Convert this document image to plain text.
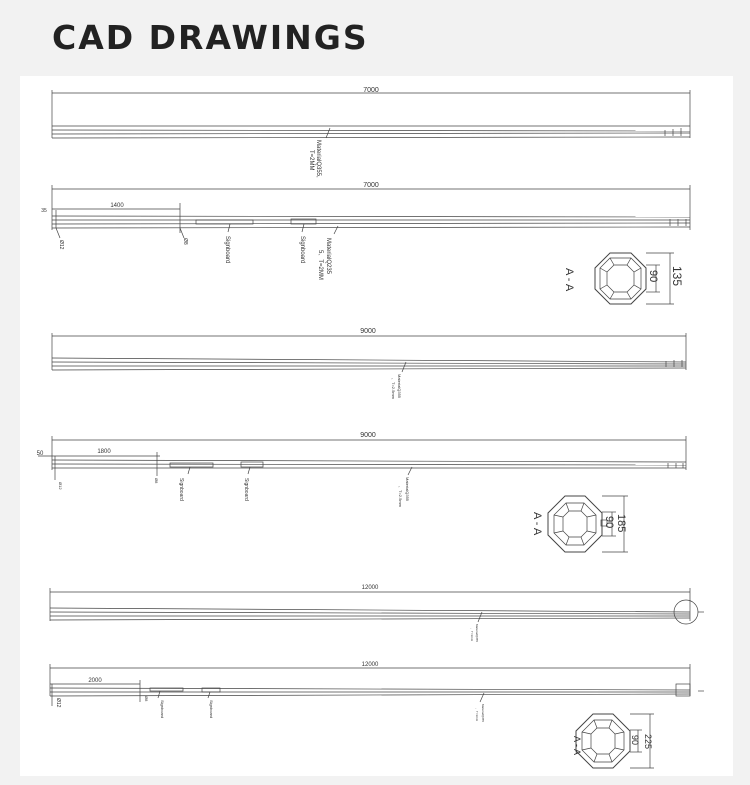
CAD DRAWINGS
7000
MaterialQ355,
T=2MM
7000
35
1400
Ø12	Ø8	Signboard	Signboard	MaterialQ235
5、T=2MM
9000
MaterialQ355
、T=2.5mm
9000
50	1800
Ø12
Ø8	Signboard	Signboard	MaterialQ355
、T=2.5mm
12000
MaterialQ355
、T=3mm
12000
2000
Ø12	Ø8
Signboard	Signboard	MaterialQ355
、T=3mm
A - A	90 135
A - A	90 185
A - A	90 225
